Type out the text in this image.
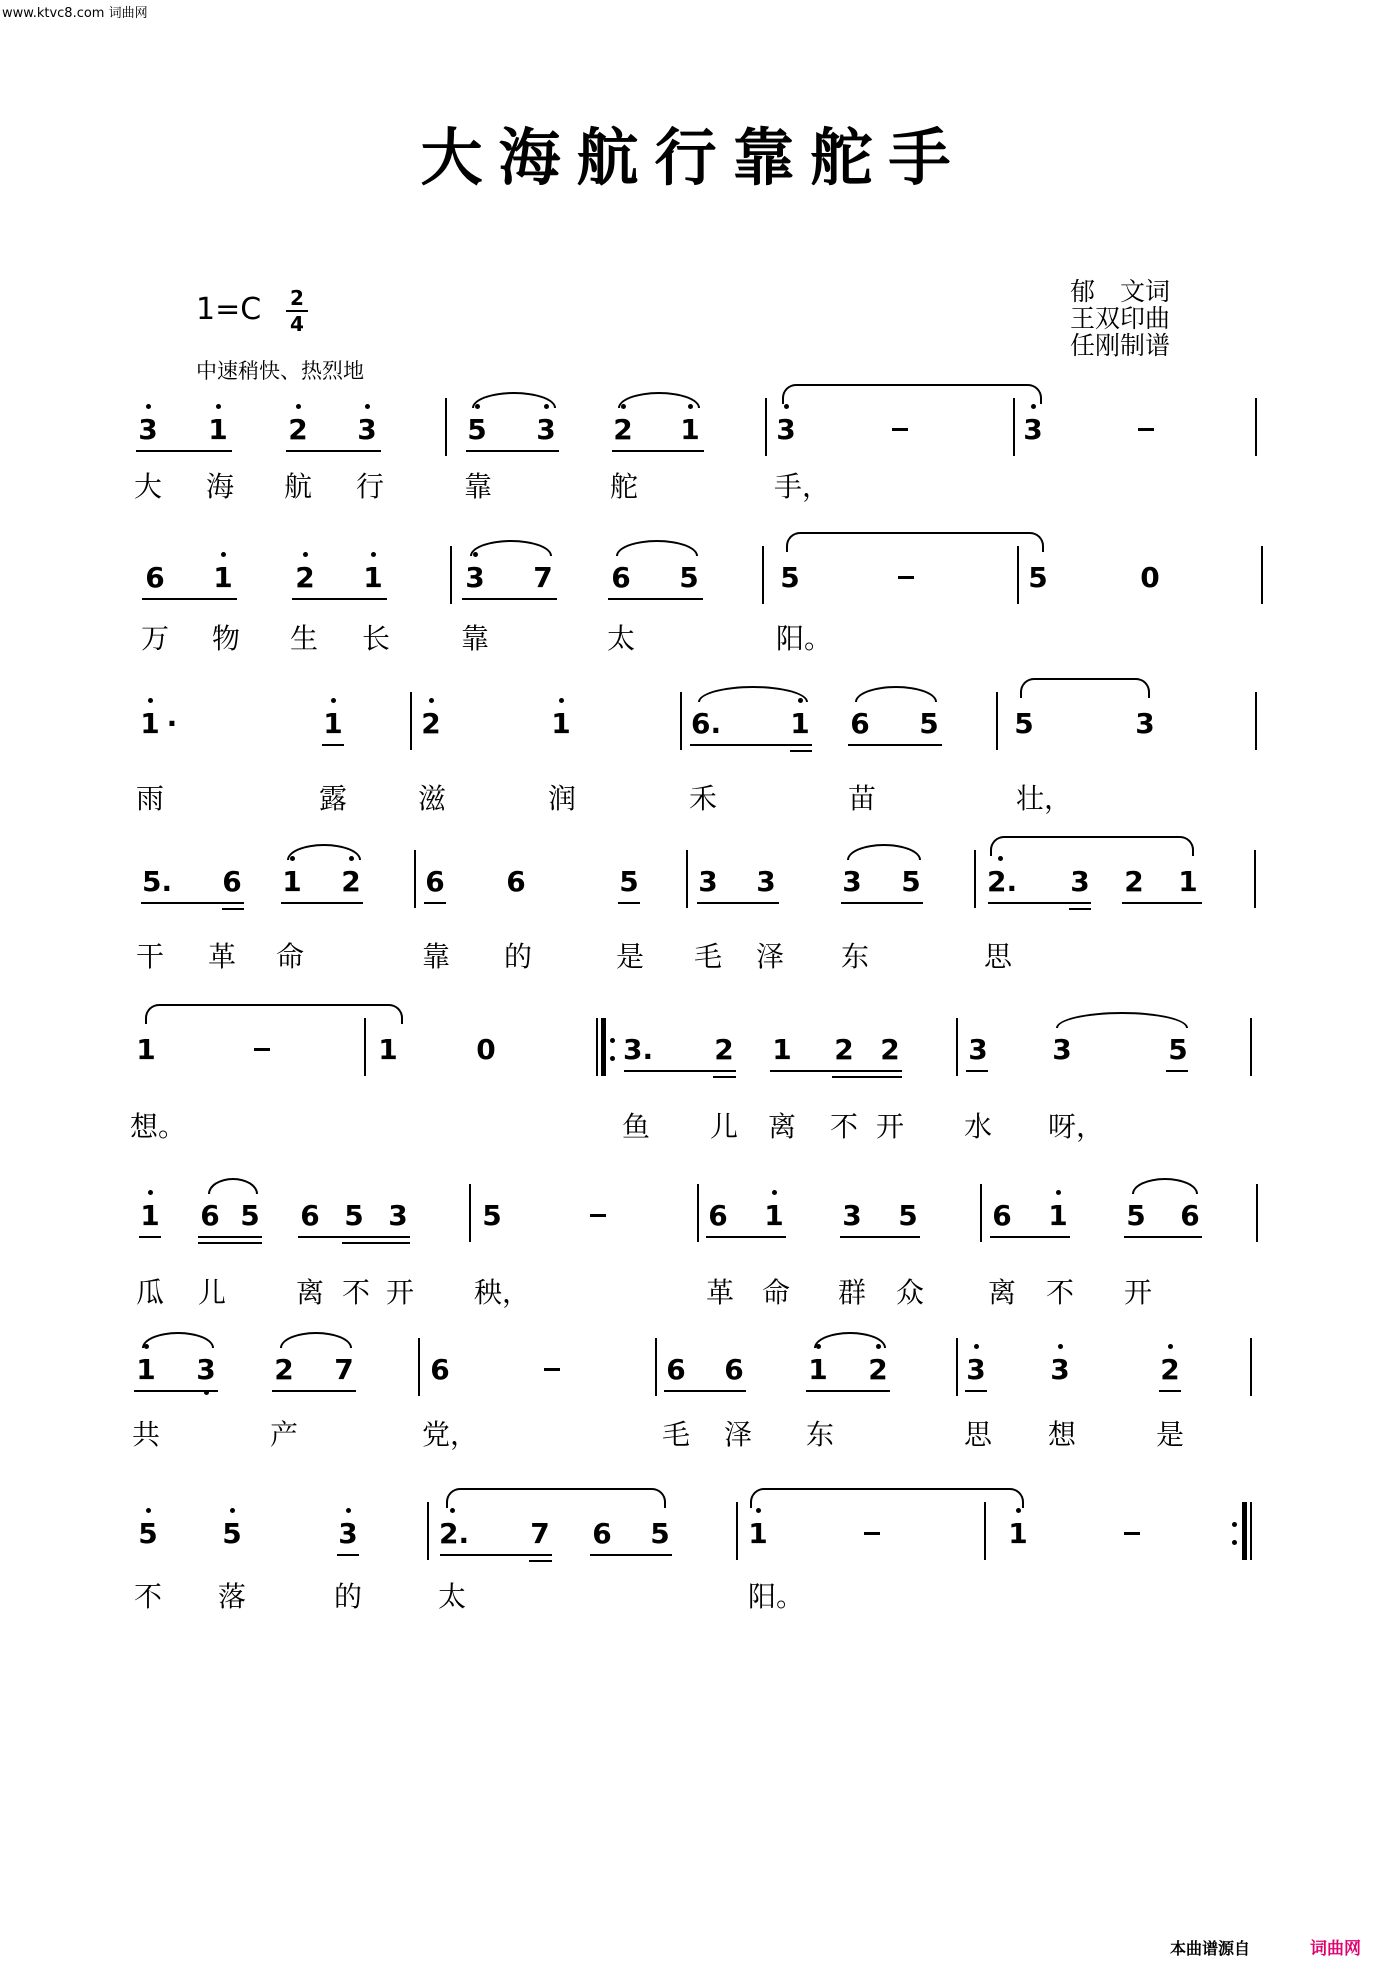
www.ktvc8.com 词曲网
大海航行靠舵手
1=C 2
4
中速稍快、热烈地
郁　文词
王双印曲
任刚制谱
3 1 2 3	5 3 2 1	3	3
大 海 航 行	靠	舵	手，
6 1 2 1	3 7 6 5	5	5	0
万 物 生 长	靠	太	阳。
1 ·	1	2	1	6. 1 6 5	5	3
雨	露	滋	润	禾	苗	壮，
5. 6 1 2 6 6	5 3 3 3 5 2. 3 2 1
干 革 命	靠 的	是 毛 泽 东	思
1	1	0	3. 2 1 2 2 3 3	5
想。	鱼 儿 离 不 开 水 呀，
1 6 5 6 5 3	5	6 1 3 5	6 1 5 6
瓜 儿 离 不 开 秧，	革 命 群 众 离 不 开
1 3 2 7	6	6 6 1 2	3 3	2
共	产	党，	毛 泽 东	思 想	是
5 5	3	2. 7 6 5	1	1
不 落	的	太	阳。
本曲谱源自	词曲网
